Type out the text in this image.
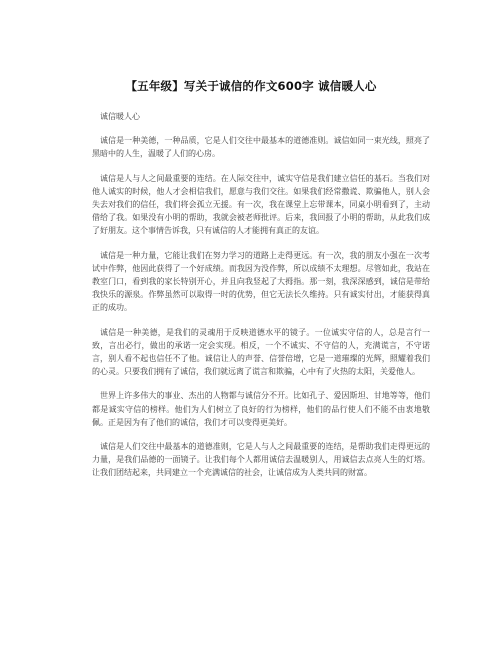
【五年级】写关于诚信的作文600字 诚信暖人心

诚信暖人心

诚信是一种美德，一种品质，它是人们交往中最基本的道德准则。诚信如同一束光线，照亮了黑暗中的人生，温暖了人们的心房。

诚信是人与人之间最重要的连结。在人际交往中，诚实守信是我们建立信任的基石。当我们对他人诚实的时候，他人才会相信我们，愿意与我们交往。如果我们经常撒谎、欺骗他人，别人会失去对我们的信任，我们将会孤立无援。有一次，我在课堂上忘带课本，同桌小明看到了，主动借给了我。如果没有小明的帮助，我就会被老师批评。后来，我回报了小明的帮助，从此我们成了好朋友。这个事情告诉我，只有诚信的人才能拥有真正的友谊。

诚信是一种力量，它能让我们在努力学习的道路上走得更远。有一次，我的朋友小强在一次考试中作弊，他因此获得了一个好成绩。而我因为没作弊，所以成绩不太理想。尽管如此，我站在教室门口，看到我的家长特别开心，并且向我竖起了大拇指。那一刻，我深深感到，诚信是带给我快乐的源泉。作弊虽然可以取得一时的优势，但它无法长久维持。只有诚实付出，才能获得真正的成功。

诚信是一种美德，是我们的灵魂用于反映道德水平的镜子。一位诚实守信的人，总是言行一致，言出必行，做出的承诺一定会实现。相反，一个不诚实、不守信的人，充满谎言，不守诺言，别人看不起也信任不了他。诚信让人的声誉、信誉倍增，它是一道璀璨的光辉，照耀着我们的心灵。只要我们拥有了诚信，我们就远离了谎言和欺骗，心中有了火热的太阳，关爱他人。

世界上许多伟大的事业、杰出的人物都与诚信分不开。比如孔子、爱因斯坦、甘地等等，他们都是诚实守信的榜样。他们为人们树立了良好的行为榜样，他们的品行使人们不能不由衷地敬佩。正是因为有了他们的诚信，我们才可以变得更美好。

诚信是人们交往中最基本的道德准则，它是人与人之间最重要的连结，是帮助我们走得更远的力量，是我们品德的一面镜子。让我们每个人都用诚信去温暖别人，用诚信去点亮人生的灯塔。让我们团结起来，共同建立一个充满诚信的社会，让诚信成为人类共同的财富。
